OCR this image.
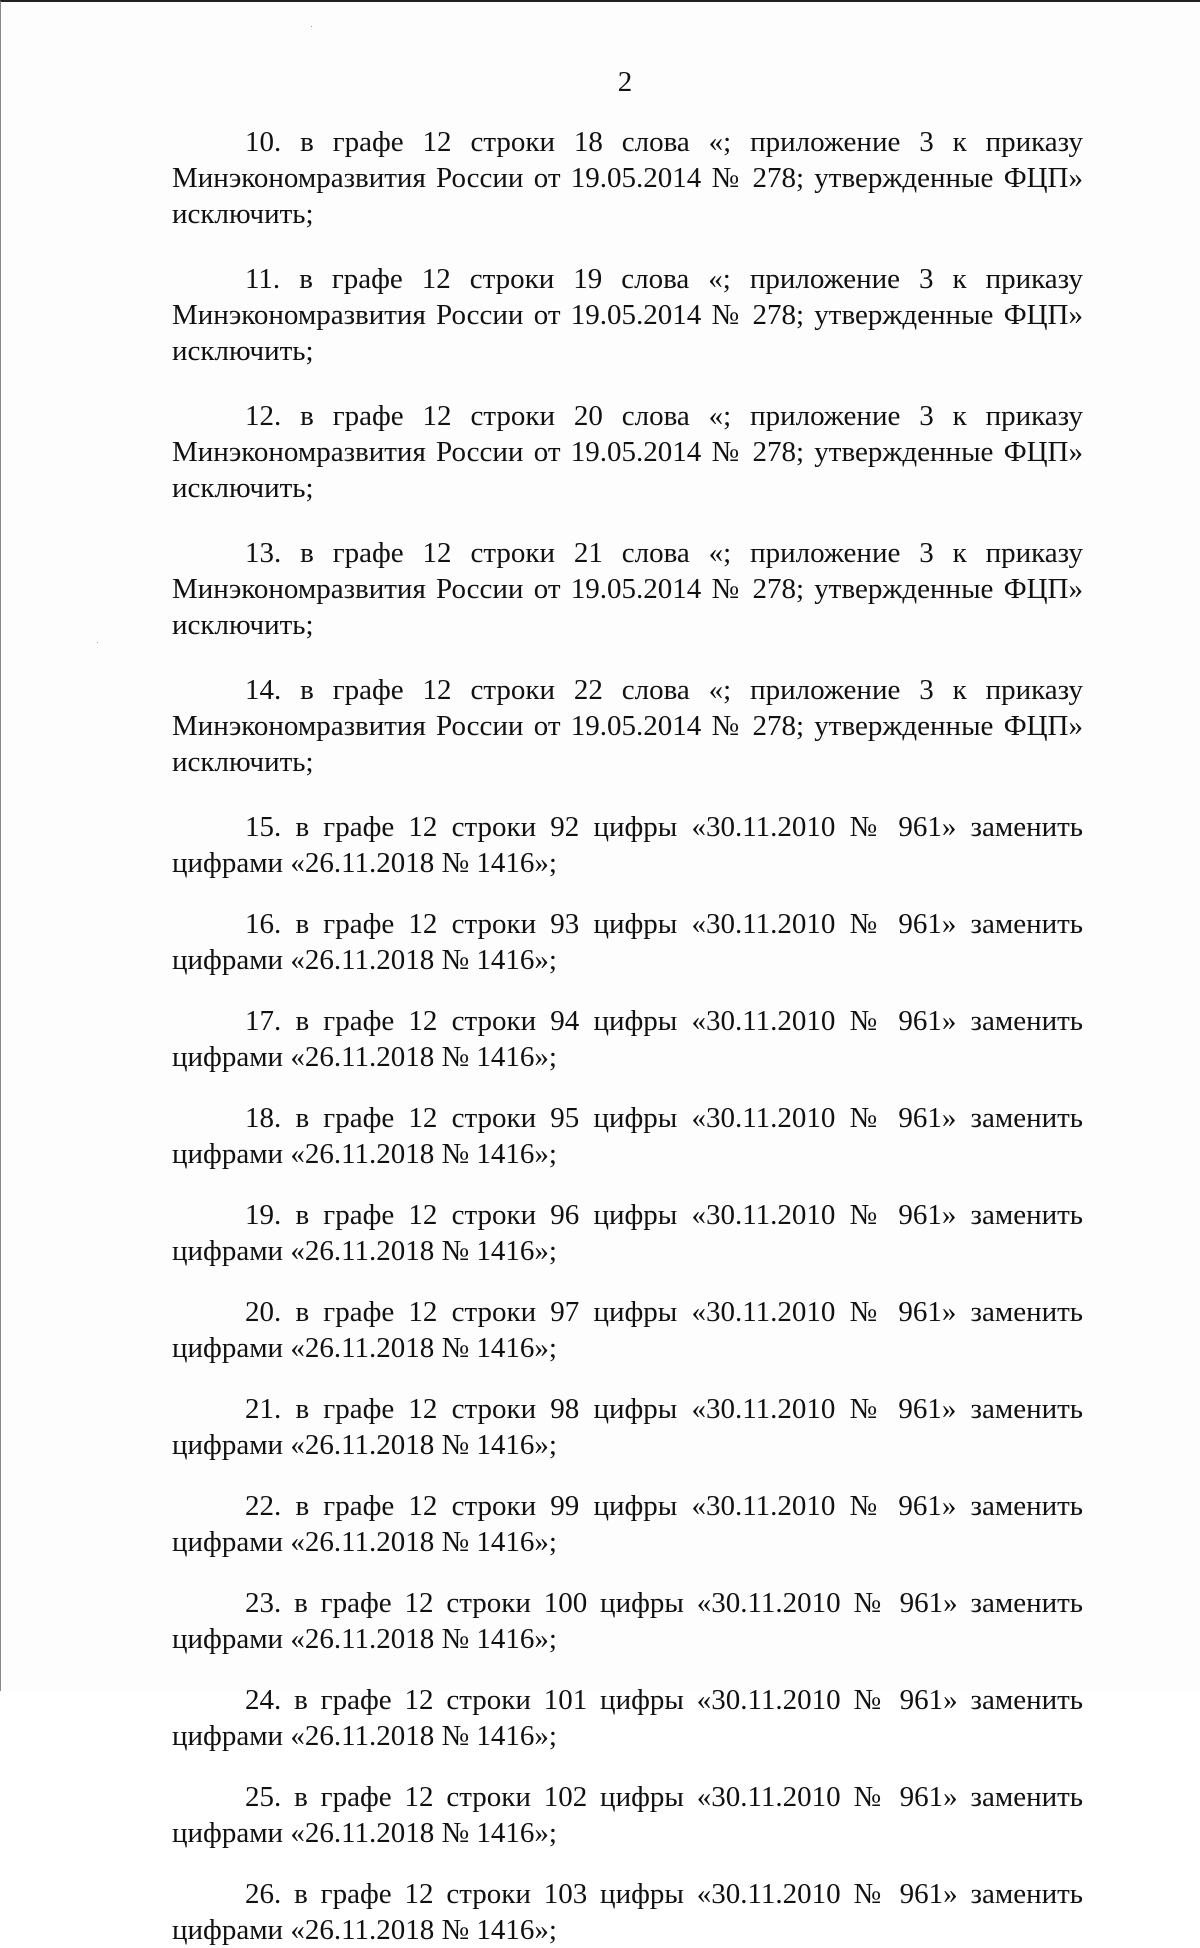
2

10. в графе 12 строки 18 слова «; приложение 3 к приказу Минэкономразвития России от 19.05.2014 № 278; утвержденные ФЦП» исключить;

11. в графе 12 строки 19 слова «; приложение 3 к приказу Минэкономразвития России от 19.05.2014 № 278; утвержденные ФЦП» исключить;

12. в графе 12 строки 20 слова «; приложение 3 к приказу Минэкономразвития России от 19.05.2014 № 278; утвержденные ФЦП» исключить;

13. в графе 12 строки 21 слова «; приложение 3 к приказу Минэкономразвития России от 19.05.2014 № 278; утвержденные ФЦП» исключить;

14. в графе 12 строки 22 слова «; приложение 3 к приказу Минэкономразвития России от 19.05.2014 № 278; утвержденные ФЦП» исключить;

15. в графе 12 строки 92 цифры «30.11.2010 № 961» заменить цифрами «26.11.2018 № 1416»;

16. в графе 12 строки 93 цифры «30.11.2010 № 961» заменить цифрами «26.11.2018 № 1416»;

17. в графе 12 строки 94 цифры «30.11.2010 № 961» заменить цифрами «26.11.2018 № 1416»;

18. в графе 12 строки 95 цифры «30.11.2010 № 961» заменить цифрами «26.11.2018 № 1416»;

19. в графе 12 строки 96 цифры «30.11.2010 № 961» заменить цифрами «26.11.2018 № 1416»;

20. в графе 12 строки 97 цифры «30.11.2010 № 961» заменить цифрами «26.11.2018 № 1416»;

21. в графе 12 строки 98 цифры «30.11.2010 № 961» заменить цифрами «26.11.2018 № 1416»;

22. в графе 12 строки 99 цифры «30.11.2010 № 961» заменить цифрами «26.11.2018 № 1416»;

23. в графе 12 строки 100 цифры «30.11.2010 № 961» заменить цифрами «26.11.2018 № 1416»;

24. в графе 12 строки 101 цифры «30.11.2010 № 961» заменить цифрами «26.11.2018 № 1416»;

25. в графе 12 строки 102 цифры «30.11.2010 № 961» заменить цифрами «26.11.2018 № 1416»;

26. в графе 12 строки 103 цифры «30.11.2010 № 961» заменить цифрами «26.11.2018 № 1416»;
